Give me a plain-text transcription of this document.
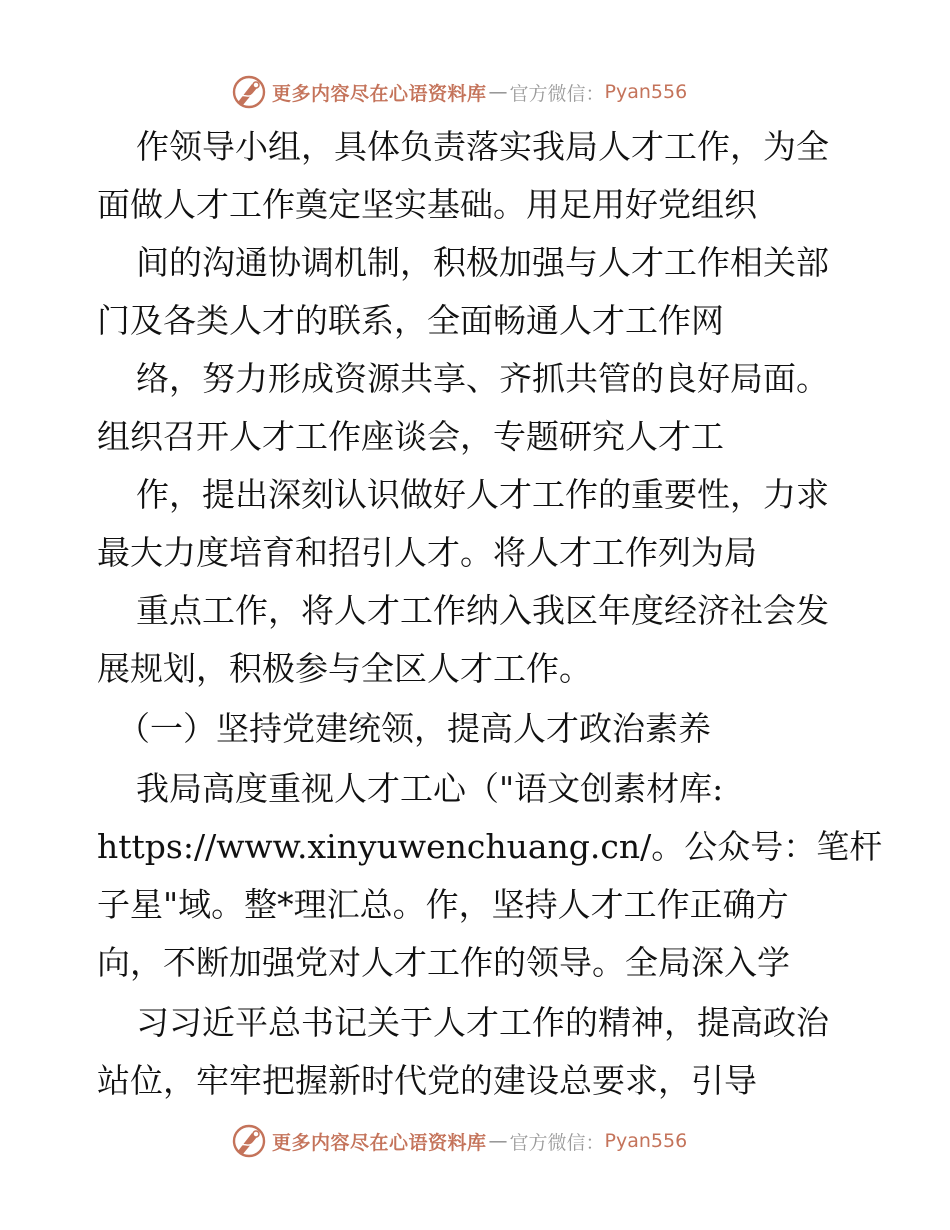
更多内容尽在心语资料库 — 官方微信： Pyan556
作领导小组，具体负责落实我局人才工作，为全
面做人才工作奠定坚实基础。用足用好党组织
间的沟通协调机制，积极加强与人才工作相关部
门及各类人才的联系，全面畅通人才工作网
络，努力形成资源共享、齐抓共管的良好局面。
组织召开人才工作座谈会，专题研究人才工
作，提出深刻认识做好人才工作的重要性，力求
最大力度培育和招引人才。将人才工作列为局
重点工作，将人才工作纳入我区年度经济社会发
展规划，积极参与全区人才工作。
（一）坚持党建统领，提高人才政治素养
我局高度重视人才工心（"语文创素材库:
https://www.xinyuwenchuang.cn/。公众号：笔杆
子星"域。整*理汇总。作，坚持人才工作正确方
向，不断加强党对人才工作的领导。全局深入学
习习近平总书记关于人才工作的精神，提高政治
站位，牢牢把握新时代党的建设总要求，引导
更多内容尽在心语资料库 — 官方微信： Pyan556
